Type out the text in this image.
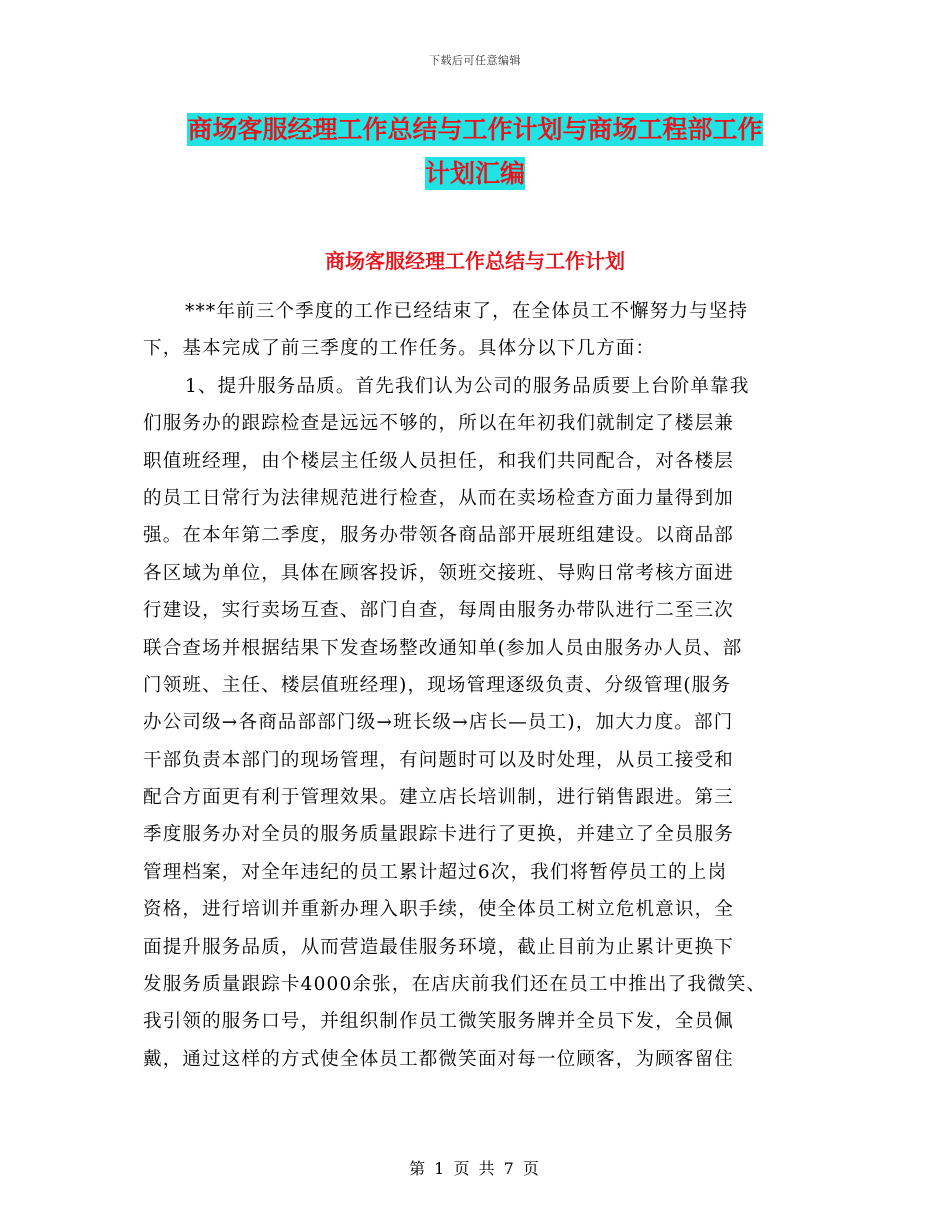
下载后可任意编辑
商场客服经理工作总结与工作计划与商场工程部工作
计划汇编
商场客服经理工作总结与工作计划
***年前三个季度的工作已经结束了，在全体员工不懈努力与坚持
下，基本完成了前三季度的工作任务。具体分以下几方面：
1、提升服务品质。首先我们认为公司的服务品质要上台阶单靠我
们服务办的跟踪检查是远远不够的，所以在年初我们就制定了楼层兼
职值班经理，由个楼层主任级人员担任，和我们共同配合，对各楼层
的员工日常行为法律规范进行检查，从而在卖场检查方面力量得到加
强。在本年第二季度，服务办带领各商品部开展班组建设。以商品部
各区域为单位，具体在顾客投诉，领班交接班、导购日常考核方面进
行建设，实行卖场互查、部门自查，每周由服务办带队进行二至三次
联合查场并根据结果下发查场整改通知单(参加人员由服务办人员、部
门领班、主任、楼层值班经理)，现场管理逐级负责、分级管理(服务
办公司级→各商品部部门级→班长级→店长—员工)，加大力度。部门
干部负责本部门的现场管理，有问题时可以及时处理，从员工接受和
配合方面更有利于管理效果。建立店长培训制，进行销售跟进。第三
季度服务办对全员的服务质量跟踪卡进行了更换，并建立了全员服务
管理档案，对全年违纪的员工累计超过6次，我们将暂停员工的上岗
资格，进行培训并重新办理入职手续，使全体员工树立危机意识，全
面提升服务品质，从而营造最佳服务环境，截止目前为止累计更换下
发服务质量跟踪卡4000余张，在店庆前我们还在员工中推出了我微笑、
我引领的服务口号，并组织制作员工微笑服务牌并全员下发，全员佩
戴，通过这样的方式使全体员工都微笑面对每一位顾客，为顾客留住
第 1 页 共 7 页
